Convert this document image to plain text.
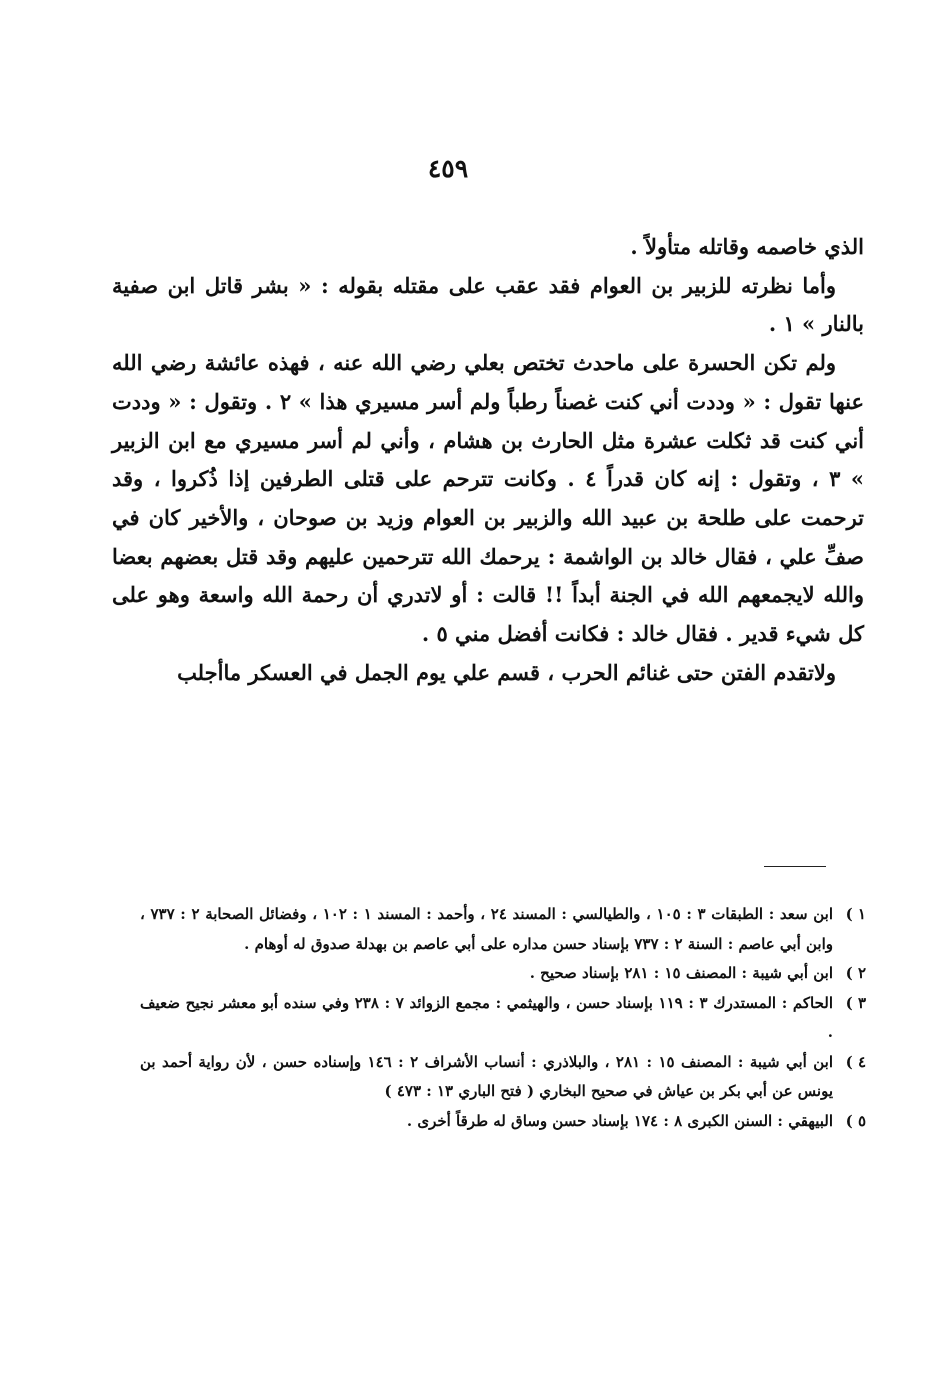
٤٥٩

الذي خاصمه وقاتله متأولاً .

وأما نظرته للزبير بن العوام فقد عقب على مقتله بقوله : « بشر قاتل ابن صفية بالنار » ١ .

ولم تكن الحسرة على ماحدث تختص بعلي رضي الله عنه ، فهذه عائشة رضي الله عنها تقول : « وددت أني كنت غصناً رطباً ولم أسر مسيري هذا » ٢ . وتقول : « وددت أني كنت قد ثكلت عشرة مثل الحارث بن هشام ، وأني لم أسر مسيري مع ابن الزبير » ٣ ، وتقول : إنه كان قدراً ٤ . وكانت تترحم على قتلى الطرفين إذا ذُكروا ، وقد ترحمت على طلحة بن عبيد الله والزبير بن العوام وزيد بن صوحان ، والأخير كان في صفِّ علي ، فقال خالد بن الواشمة : يرحمك الله تترحمين عليهم وقد قتل بعضهم بعضا والله لايجمعهم الله في الجنة أبداً !! قالت : أو لاتدري أن رحمة الله واسعة وهو على كل شيء قدير . فقال خالد : فكانت أفضل مني ٥ .

ولاتقدم الفتن حتى غنائم الحرب ، قسم علي يوم الجمل في العسكر ماأجلب

١ )ابن سعد : الطبقات ٣ : ١٠٥ ، والطيالسي : المسند ٢٤ ، وأحمد : المسند ١ : ١٠٢ ، وفضائل الصحابة ٢ : ٧٣٧ ، وابن أبي عاصم : السنة ٢ : ٧٣٧ بإسناد حسن مداره على أبي عاصم بن بهدلة صدوق له أوهام .

٢ )ابن أبي شيبة : المصنف ١٥ : ٢٨١ بإسناد صحيح .

٣ )الحاكم : المستدرك ٣ : ١١٩ بإسناد حسن ، والهيثمي : مجمع الزوائد ٧ : ٢٣٨ وفي سنده أبو معشر نجيح ضعيف .

٤ )ابن أبي شيبة : المصنف ١٥ : ٢٨١ ، والبلاذري : أنساب الأشراف ٢ : ١٤٦ وإسناده حسن ، لأن رواية أحمد بن يونس عن أبي بكر بن عياش في صحيح البخاري ( فتح الباري ١٣ : ٤٧٣ )

٥ )البيهقي : السنن الكبرى ٨ : ١٧٤ بإسناد حسن وساق له طرقاً أخرى .
